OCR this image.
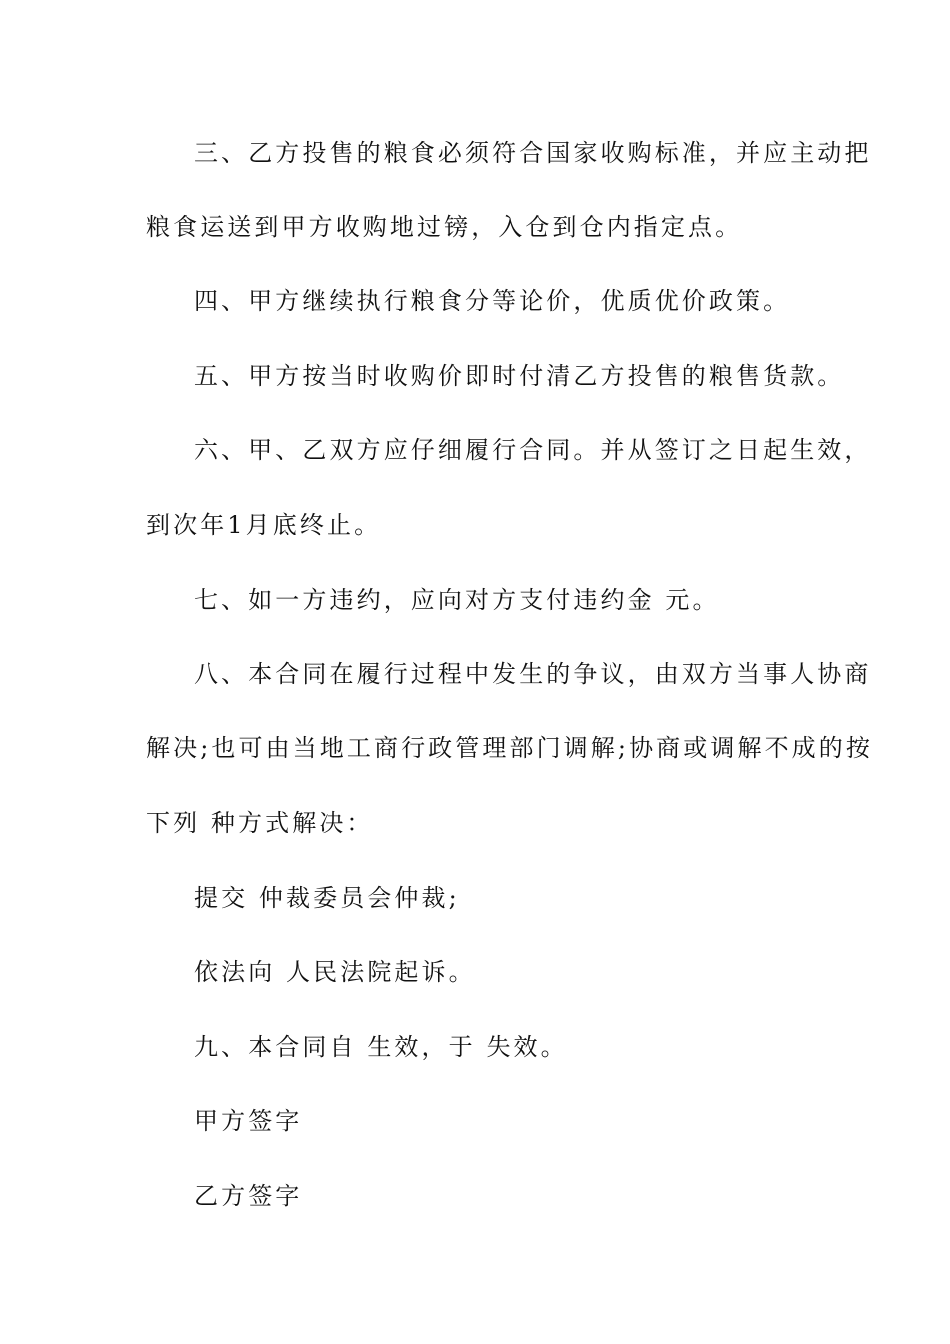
三、乙方投售的粮食必须符合国家收购标准，并应主动把
粮食运送到甲方收购地过镑，入仓到仓内指定点。
四、甲方继续执行粮食分等论价，优质优价政策。
五、甲方按当时收购价即时付清乙方投售的粮售货款。
六、甲、乙双方应仔细履行合同。并从签订之日起生效，
到次年1月底终止。
七、如一方违约，应向对方支付违约金 元。
八、本合同在履行过程中发生的争议，由双方当事人协商
解决;也可由当地工商行政管理部门调解;协商或调解不成的按
下列 种方式解决：
提交 仲裁委员会仲裁;
依法向 人民法院起诉。
九、本合同自 生效，于 失效。
甲方签字
乙方签字
